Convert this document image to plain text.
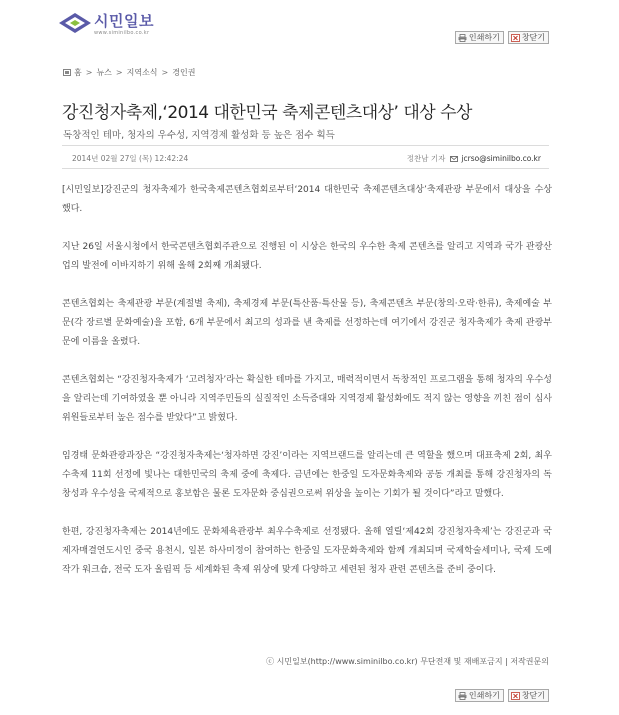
시민일보
www.siminilbo.co.kr	인쇄하기	창닫기
홈 > 뉴스 > 지역소식 > 경인권
강진청자축제,‘2014 대한민국 축제콘텐츠대상’ 대상 수상
독창적인 테마, 청자의 우수성, 지역경제 활성화 등 높은 점수 획득
2014년 02월 27일 (목) 12:42:24	정찬남 기자 jcrso@siminilbo.co.kr

[시민일보]강진군의 청자축제가 한국축제콘텐츠협회로부터‘2014 대한민국 축제콘텐츠대상’축제관광 부문에서 대상을 수상했다.

지난 26일 서울시청에서 한국콘텐츠협회주관으로 진행된 이 시상은 한국의 우수한 축제 콘텐츠를 알리고 지역과 국가 관광산업의 발전에 이바지하기 위해 올해 2회째 개최됐다.

콘텐츠협회는 축제관광 부문(계절별 축제), 축제경제 부문(특산품·특산물 등), 축제콘텐츠 부문(창의·오락·한류), 축제예술 부문(각 장르별 문화예술)을 포함, 6개 부문에서 최고의 성과를 낸 축제를 선정하는데 여기에서 강진군 청자축제가 축제 관광부문에 이름을 올렸다.

콘텐츠협회는 “강진청자축제가 ‘고려청자’라는 확실한 테마를 가지고, 매력적이면서 독창적인 프로그램을 통해 청자의 우수성을 알리는데 기여하였을 뿐 아니라 지역주민들의 실질적인 소득증대와 지역경제 활성화에도 적지 않는 영향을 끼친 점이 심사위원들로부터 높은 점수를 받았다”고 밝혔다.

임경태 문화관광과장은 “강진청자축제는‘청자하면 강진’이라는 지역브랜드를 알리는데 큰 역할을 했으며 대표축제 2회, 최우수축제 11회 선정에 빛나는 대한민국의 축제 중에 축제다. 금년에는 한중일 도자문화축제와 공동 개최를 통해 강진청자의 독창성과 우수성을 국제적으로 홍보함은 물론 도자문화 중심권으로써 위상을 높이는 기회가 될 것이다”라고 말했다.

한편, 강진청자축제는 2014년에도 문화체육관광부 최우수축제로 선정됐다. 올해 열릴‘제42회 강진청자축제’는 강진군과 국제자매결연도시인 중국 용천시, 일본 하사미정이 참여하는 한중일 도자문화축제와 함께 개최되며 국제학술세미나, 국제 도예작가 워크숍, 전국 도자 올림픽 등 세계화된 축제 위상에 맞게 다양하고 세련된 청자 관련 콘텐츠를 준비 중이다.

ⓒ 시민일보(http://www.siminilbo.co.kr) 무단전재 및 재배포금지 | 저작권문의
인쇄하기	창닫기
